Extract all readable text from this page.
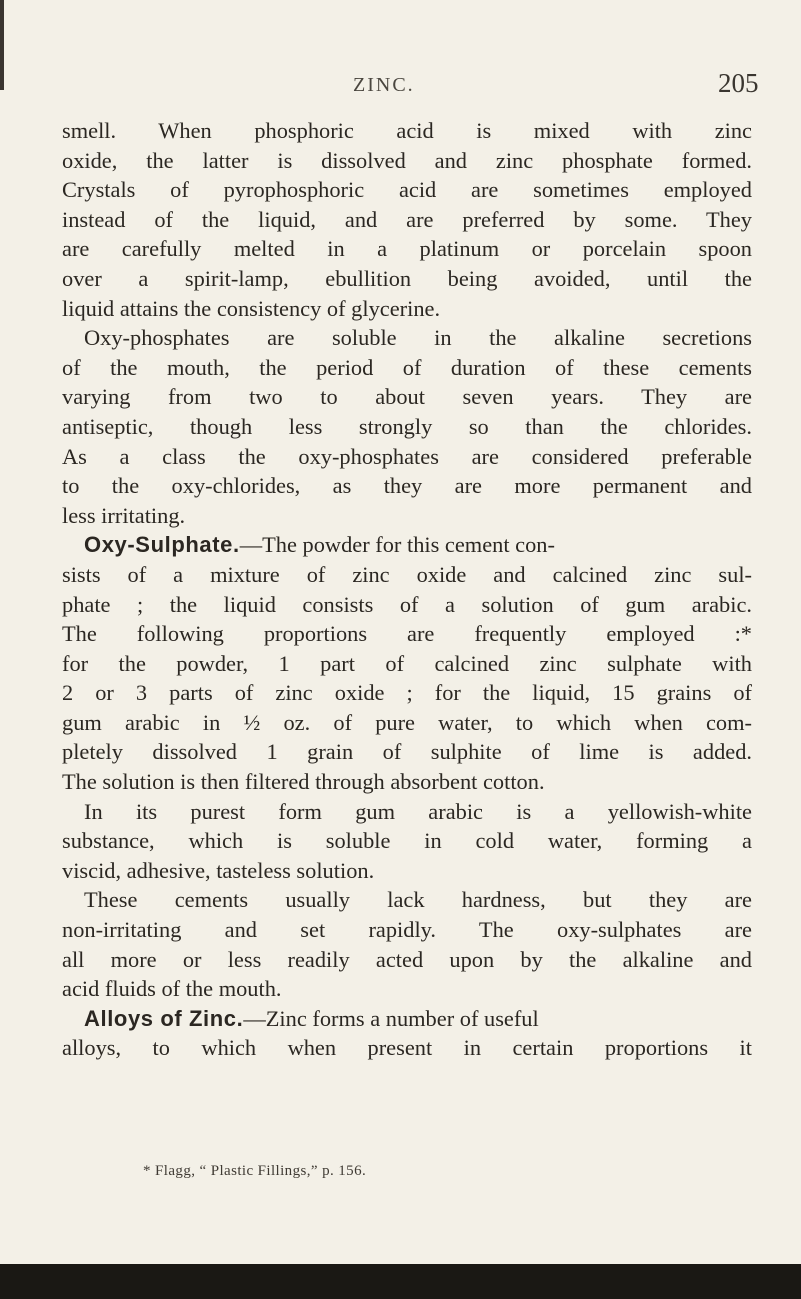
ZINC.	205
smell. When phosphoric acid is mixed with zinc
oxide, the latter is dissolved and zinc phosphate formed.
Crystals of pyrophosphoric acid are sometimes employed
instead of the liquid, and are preferred by some. They
are carefully melted in a platinum or porcelain spoon
over a spirit-lamp, ebullition being avoided, until the
liquid attains the consistency of glycerine.
Oxy-phosphates are soluble in the alkaline secretions
of the mouth, the period of duration of these cements
varying from two to about seven years. They are
antiseptic, though less strongly so than the chlorides.
As a class the oxy-phosphates are considered preferable
to the oxy-chlorides, as they are more permanent and
less irritating.
Oxy-Sulphate.—The powder for this cement con-
sists of a mixture of zinc oxide and calcined zinc sul-
phate ; the liquid consists of a solution of gum arabic.
The following proportions are frequently employed :*
for the powder, 1 part of calcined zinc sulphate with
2 or 3 parts of zinc oxide ; for the liquid, 15 grains of
gum arabic in ½ oz. of pure water, to which when com-
pletely dissolved 1 grain of sulphite of lime is added.
The solution is then filtered through absorbent cotton.
In its purest form gum arabic is a yellowish-white
substance, which is soluble in cold water, forming a
viscid, adhesive, tasteless solution.
These cements usually lack hardness, but they are
non-irritating and set rapidly. The oxy-sulphates are
all more or less readily acted upon by the alkaline and
acid fluids of the mouth.
Alloys of Zinc.—Zinc forms a number of useful
alloys, to which when present in certain proportions it
* Flagg, “ Plastic Fillings,” p. 156.
